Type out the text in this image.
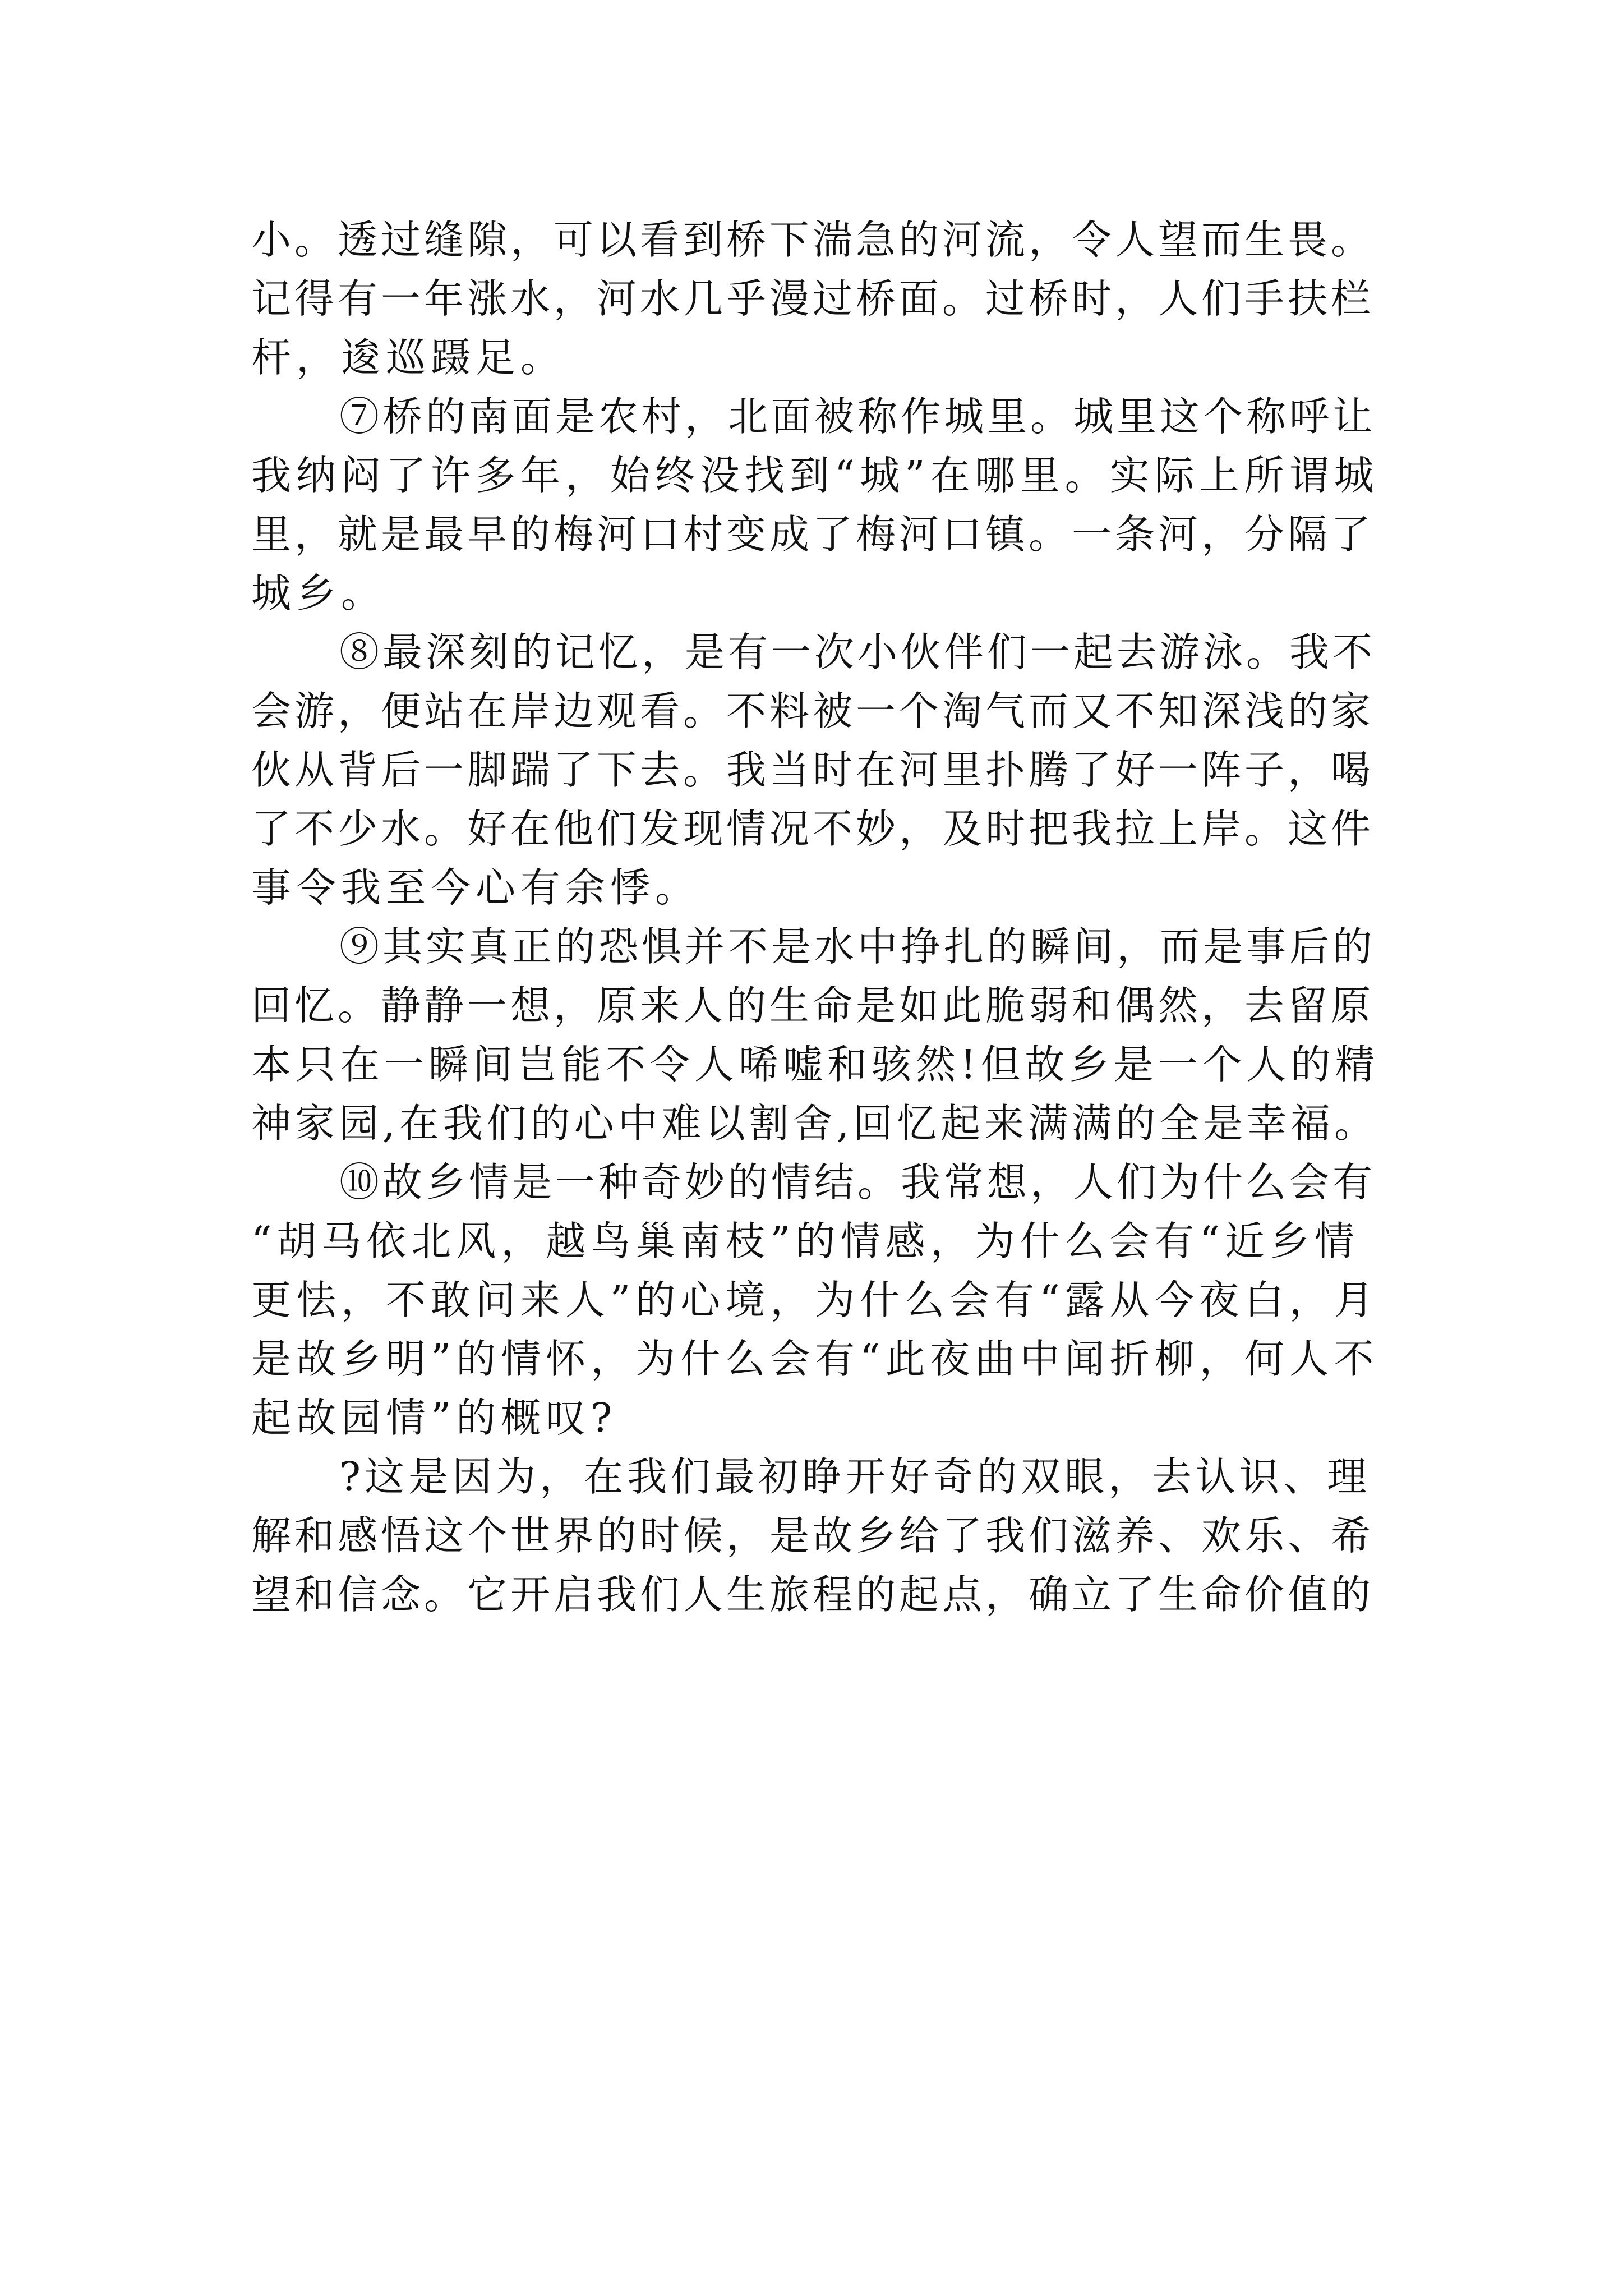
小。透过缝隙，可以看到桥下湍急的河流，令人望而生畏。
记得有一年涨水，河水几乎漫过桥面。过桥时，人们手扶栏
杆，逡巡蹑足。
⑦桥的南面是农村，北面被称作城里。城里这个称呼让
我纳闷了许多年，始终没找到“城”在哪里。实际上所谓城
里，就是最早的梅河口村变成了梅河口镇。一条河，分隔了
城乡。
⑧最深刻的记忆，是有一次小伙伴们一起去游泳。我不
会游，便站在岸边观看。不料被一个淘气而又不知深浅的家
伙从背后一脚踹了下去。我当时在河里扑腾了好一阵子，喝
了不少水。好在他们发现情况不妙，及时把我拉上岸。这件
事令我至今心有余悸。
⑨其实真正的恐惧并不是水中挣扎的瞬间，而是事后的
回忆。静静一想，原来人的生命是如此脆弱和偶然，去留原
本只在一瞬间岂能不令人唏嘘和骇然!但故乡是一个人的精
神家园,在我们的心中难以割舍,回忆起来满满的全是幸福。
⑩故乡情是一种奇妙的情结。我常想，人们为什么会有
“胡马依北风，越鸟巢南枝”的情感，为什么会有“近乡情
更怯，不敢问来人”的心境，为什么会有“露从今夜白，月
是故乡明”的情怀，为什么会有“此夜曲中闻折柳，何人不
起故园情”的概叹?
?这是因为，在我们最初睁开好奇的双眼，去认识、理
解和感悟这个世界的时候，是故乡给了我们滋养、欢乐、希
望和信念。它开启我们人生旅程的起点，确立了生命价值的
